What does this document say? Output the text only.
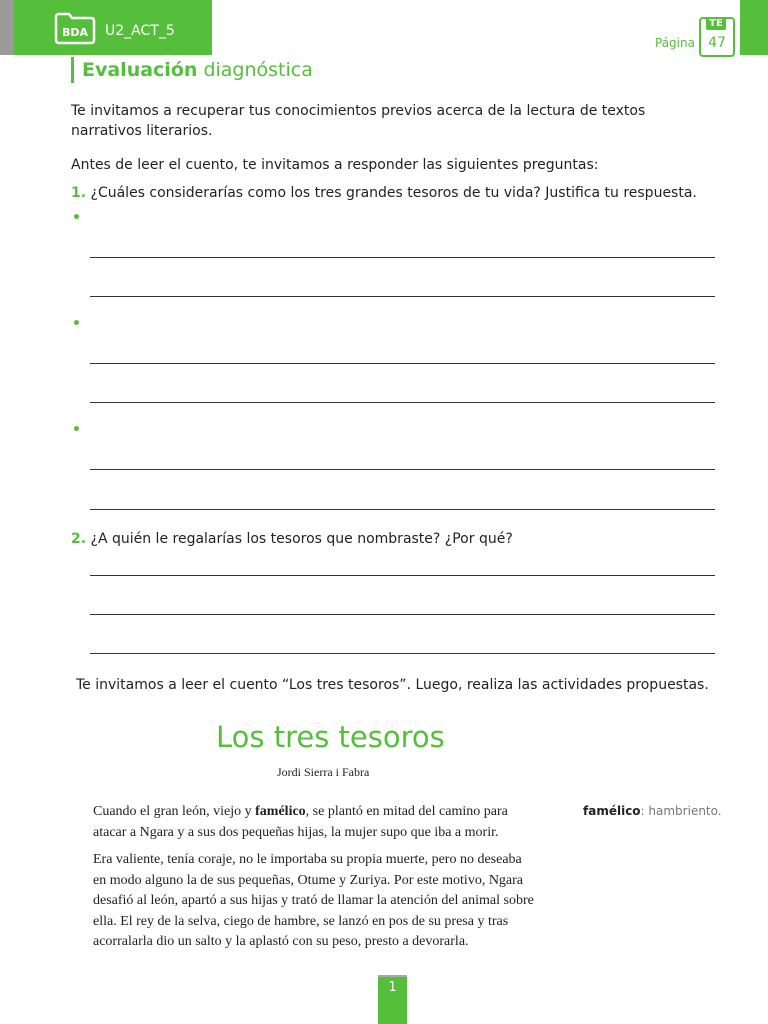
BDA U2_ACT_5
Página
TE
47
Evaluación diagnóstica
Te invitamos a recuperar tus conocimientos previos acerca de la lectura de textos
narrativos literarios.
Antes de leer el cuento, te invitamos a responder las siguientes preguntas:
1. ¿Cuáles considerarías como los tres grandes tesoros de tu vida? Justifica tu respuesta.
•
•
•
2. ¿A quién le regalarías los tesoros que nombraste? ¿Por qué?
Te invitamos a leer el cuento “Los tres tesoros”. Luego, realiza las actividades propuestas.
Los tres tesoros
Jordi Sierra i Fabra
Cuando el gran león, viejo y famélico, se plantó en mitad del camino para
atacar a Ngara y a sus dos pequeñas hijas, la mujer supo que iba a morir.
Era valiente, tenía coraje, no le importaba su propia muerte, pero no deseaba
en modo alguno la de sus pequeñas, Otume y Zuriya. Por este motivo, Ngara
desafió al león, apartó a sus hijas y trató de llamar la atención del animal sobre
ella. El rey de la selva, ciego de hambre, se lanzó en pos de su presa y tras
acorralarla dio un salto y la aplastó con su peso, presto a devorarla.
famélico: hambriento.
1
